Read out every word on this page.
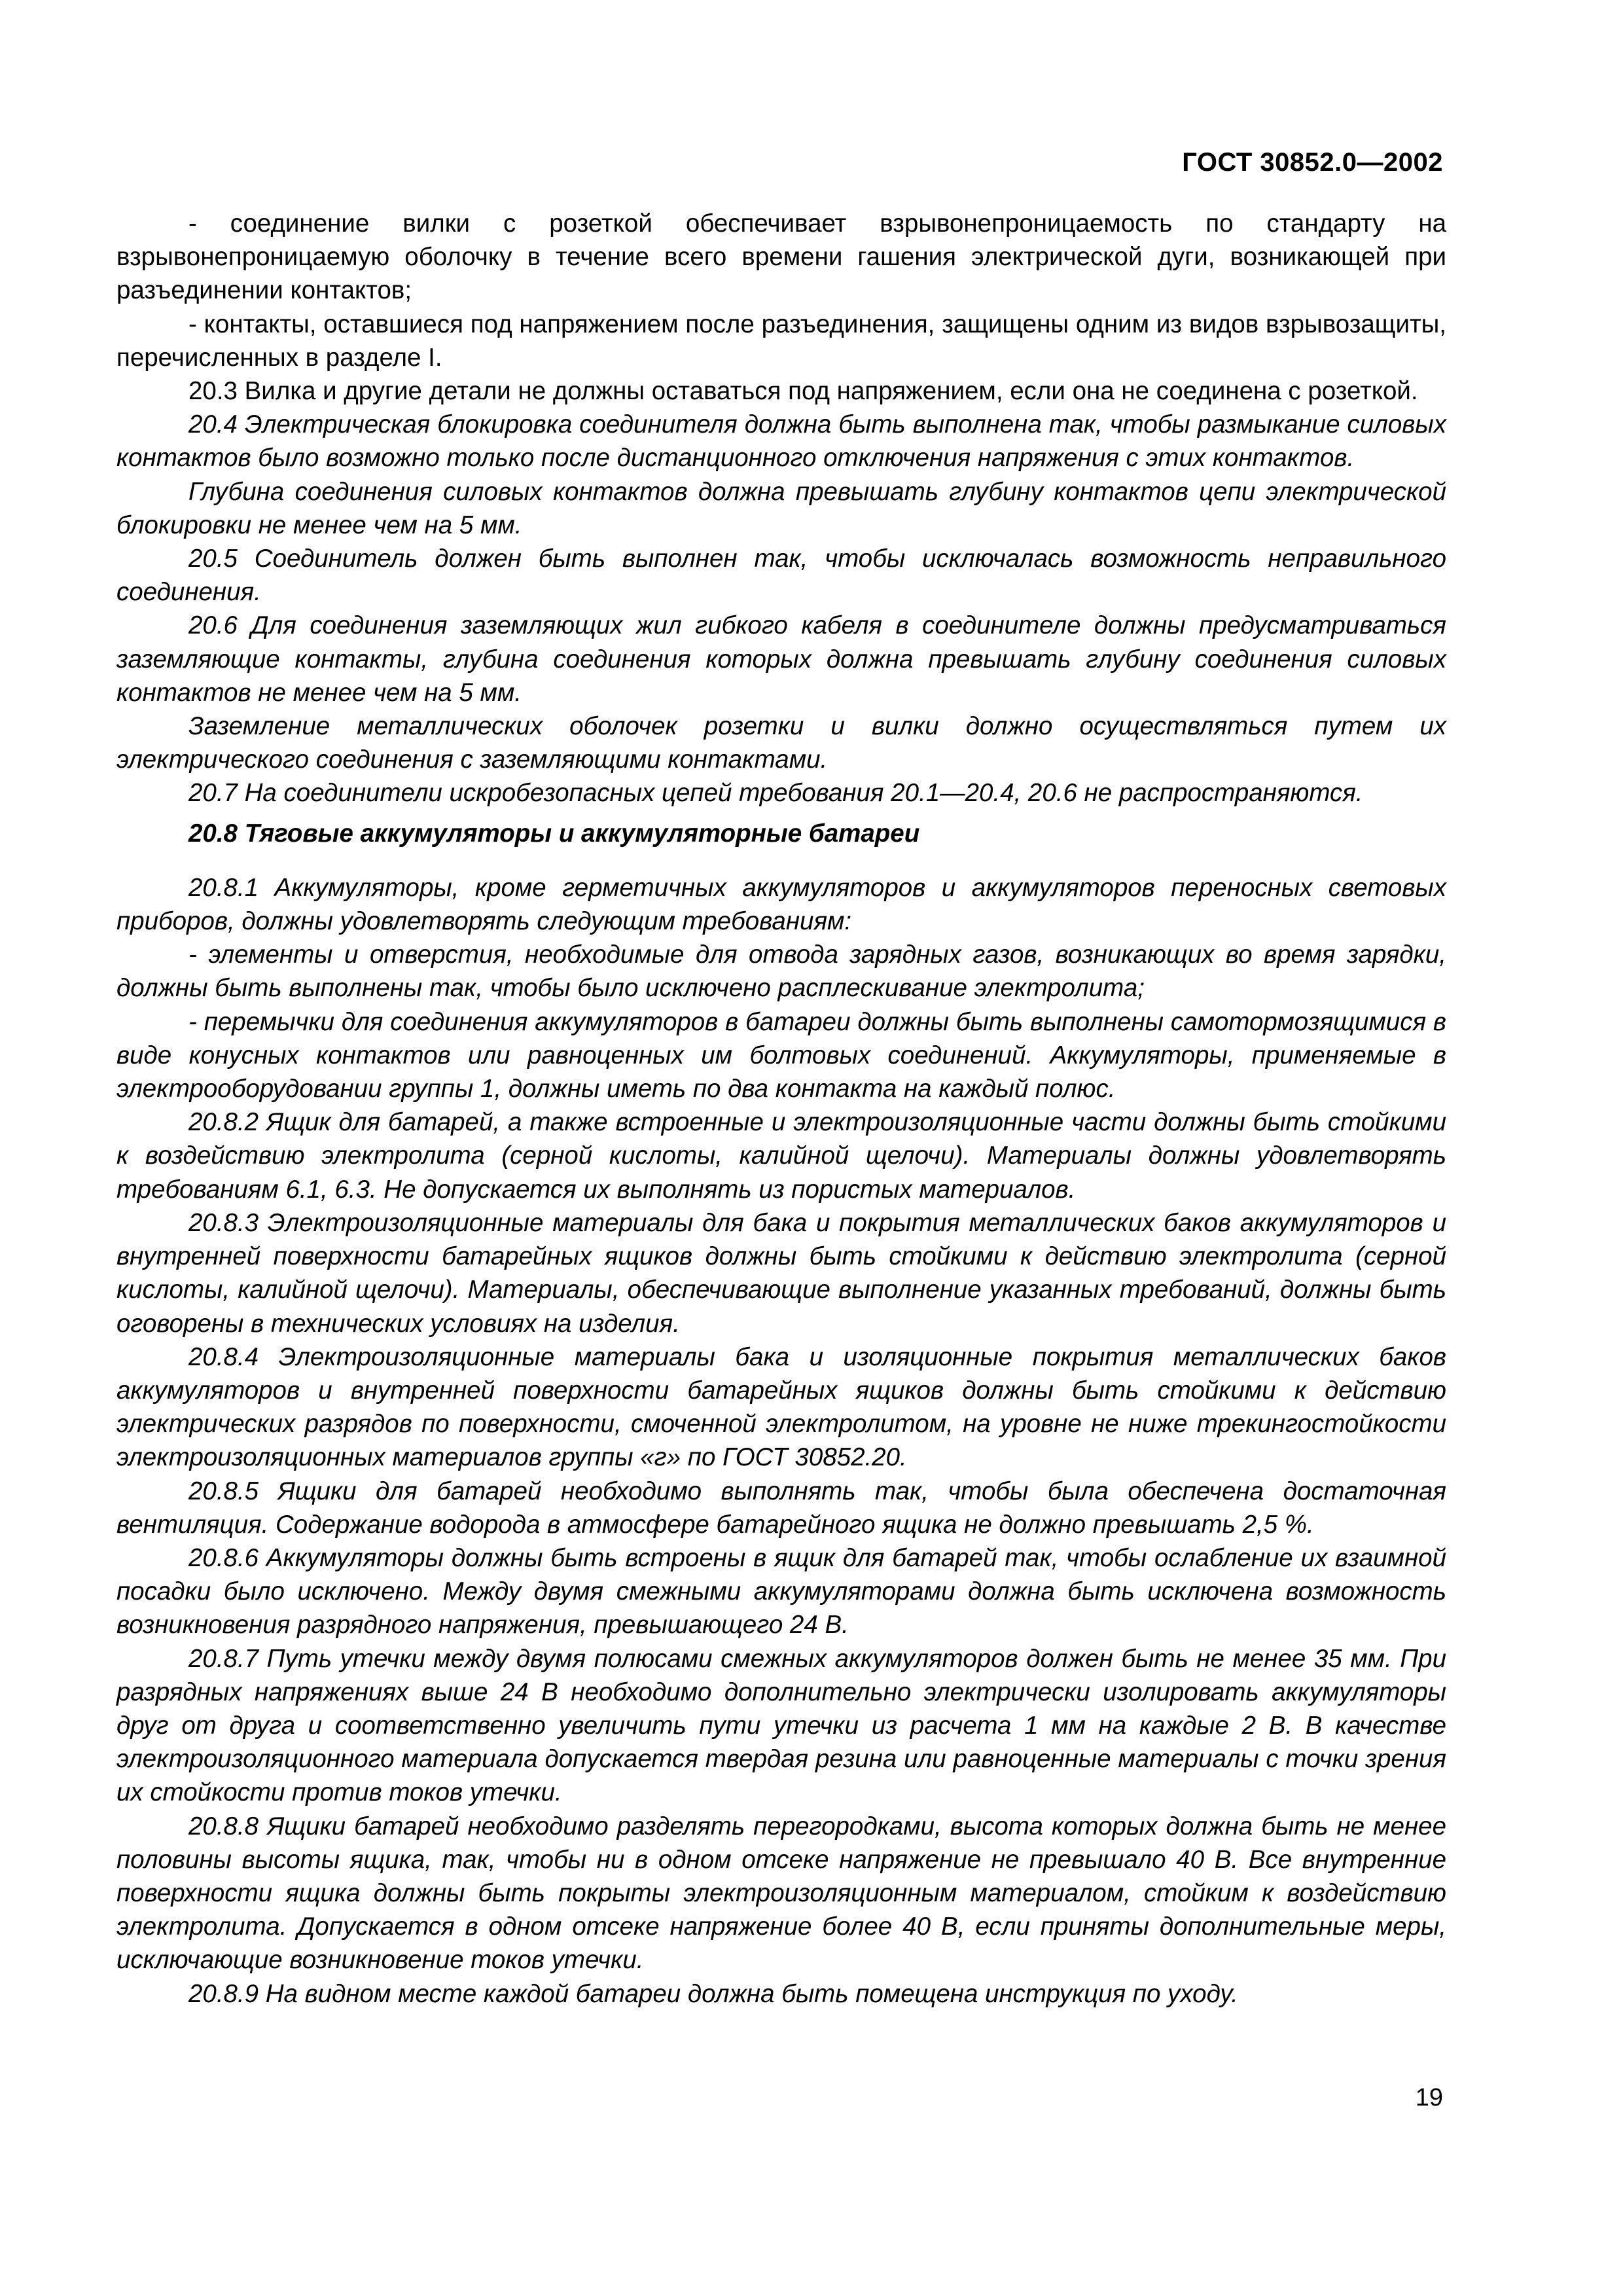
ГОСТ 30852.0—2002

- соединение вилки с розеткой обеспечивает взрывонепроницаемость по стандарту на взрывонепроницаемую оболочку в течение всего времени гашения электрической дуги, возникающей при разъединении контактов;

- контакты, оставшиеся под напряжением после разъединения, защищены одним из видов взрывозащиты, перечисленных в разделе I.

20.3 Вилка и другие детали не должны оставаться под напряжением, если она не соединена с розеткой.

20.4 Электрическая блокировка соединителя должна быть выполнена так, чтобы размыкание силовых контактов было возможно только после дистанционного отключения напряжения с этих контактов.

Глубина соединения силовых контактов должна превышать глубину контактов цепи электрической блокировки не менее чем на 5 мм.

20.5 Соединитель должен быть выполнен так, чтобы исключалась возможность неправильного соединения.

20.6 Для соединения заземляющих жил гибкого кабеля в соединителе должны предусматриваться заземляющие контакты, глубина соединения которых должна превышать глубину соединения силовых контактов не менее чем на 5 мм.

Заземление металлических оболочек розетки и вилки должно осуществляться путем их электрического соединения с заземляющими контактами.

20.7 На соединители искробезопасных цепей требования 20.1—20.4, 20.6 не распространяются.

20.8 Тяговые аккумуляторы и аккумуляторные батареи

20.8.1 Аккумуляторы, кроме герметичных аккумуляторов и аккумуляторов переносных световых приборов, должны удовлетворять следующим требованиям:

- элементы и отверстия, необходимые для отвода зарядных газов, возникающих во время зарядки, должны быть выполнены так, чтобы было исключено расплескивание электролита;

- перемычки для соединения аккумуляторов в батареи должны быть выполнены самотормозящимися в виде конусных контактов или равноценных им болтовых соединений. Аккумуляторы, применяемые в электрооборудовании группы 1, должны иметь по два контакта на каждый полюс.

20.8.2 Ящик для батарей, а также встроенные и электроизоляционные части должны быть стойкими к воздействию электролита (серной кислоты, калийной щелочи). Материалы должны удовлетворять требованиям 6.1, 6.3. Не допускается их выполнять из пористых материалов.

20.8.3 Электроизоляционные материалы для бака и покрытия металлических баков аккумуляторов и внутренней поверхности батарейных ящиков должны быть стойкими к действию электролита (серной кислоты, калийной щелочи). Материалы, обеспечивающие выполнение указанных требований, должны быть оговорены в технических условиях на изделия.

20.8.4 Электроизоляционные материалы бака и изоляционные покрытия металлических баков аккумуляторов и внутренней поверхности батарейных ящиков должны быть стойкими к действию электрических разрядов по поверхности, смоченной электролитом, на уровне не ниже трекингостойкости электроизоляционных материалов группы «г» по ГОСТ 30852.20.

20.8.5 Ящики для батарей необходимо выполнять так, чтобы была обеспечена достаточная вентиляция. Содержание водорода в атмосфере батарейного ящика не должно превышать 2,5 %.

20.8.6 Аккумуляторы должны быть встроены в ящик для батарей так, чтобы ослабление их взаимной посадки было исключено. Между двумя смежными аккумуляторами должна быть исключена возможность возникновения разрядного напряжения, превышающего 24 В.

20.8.7 Путь утечки между двумя полюсами смежных аккумуляторов должен быть не менее 35 мм. При разрядных напряжениях выше 24 В необходимо дополнительно электрически изолировать аккумуляторы друг от друга и соответственно увеличить пути утечки из расчета 1 мм на каждые 2 В. В качестве электроизоляционного материала допускается твердая резина или равноценные материалы с точки зрения их стойкости против токов утечки.

20.8.8 Ящики батарей необходимо разделять перегородками, высота которых должна быть не менее половины высоты ящика, так, чтобы ни в одном отсеке напряжение не превышало 40 В. Все внутренние поверхности ящика должны быть покрыты электроизоляционным материалом, стойким к воздействию электролита. Допускается в одном отсеке напряжение более 40 В, если приняты дополнительные меры, исключающие возникновение токов утечки.

20.8.9 На видном месте каждой батареи должна быть помещена инструкция по уходу.

19
